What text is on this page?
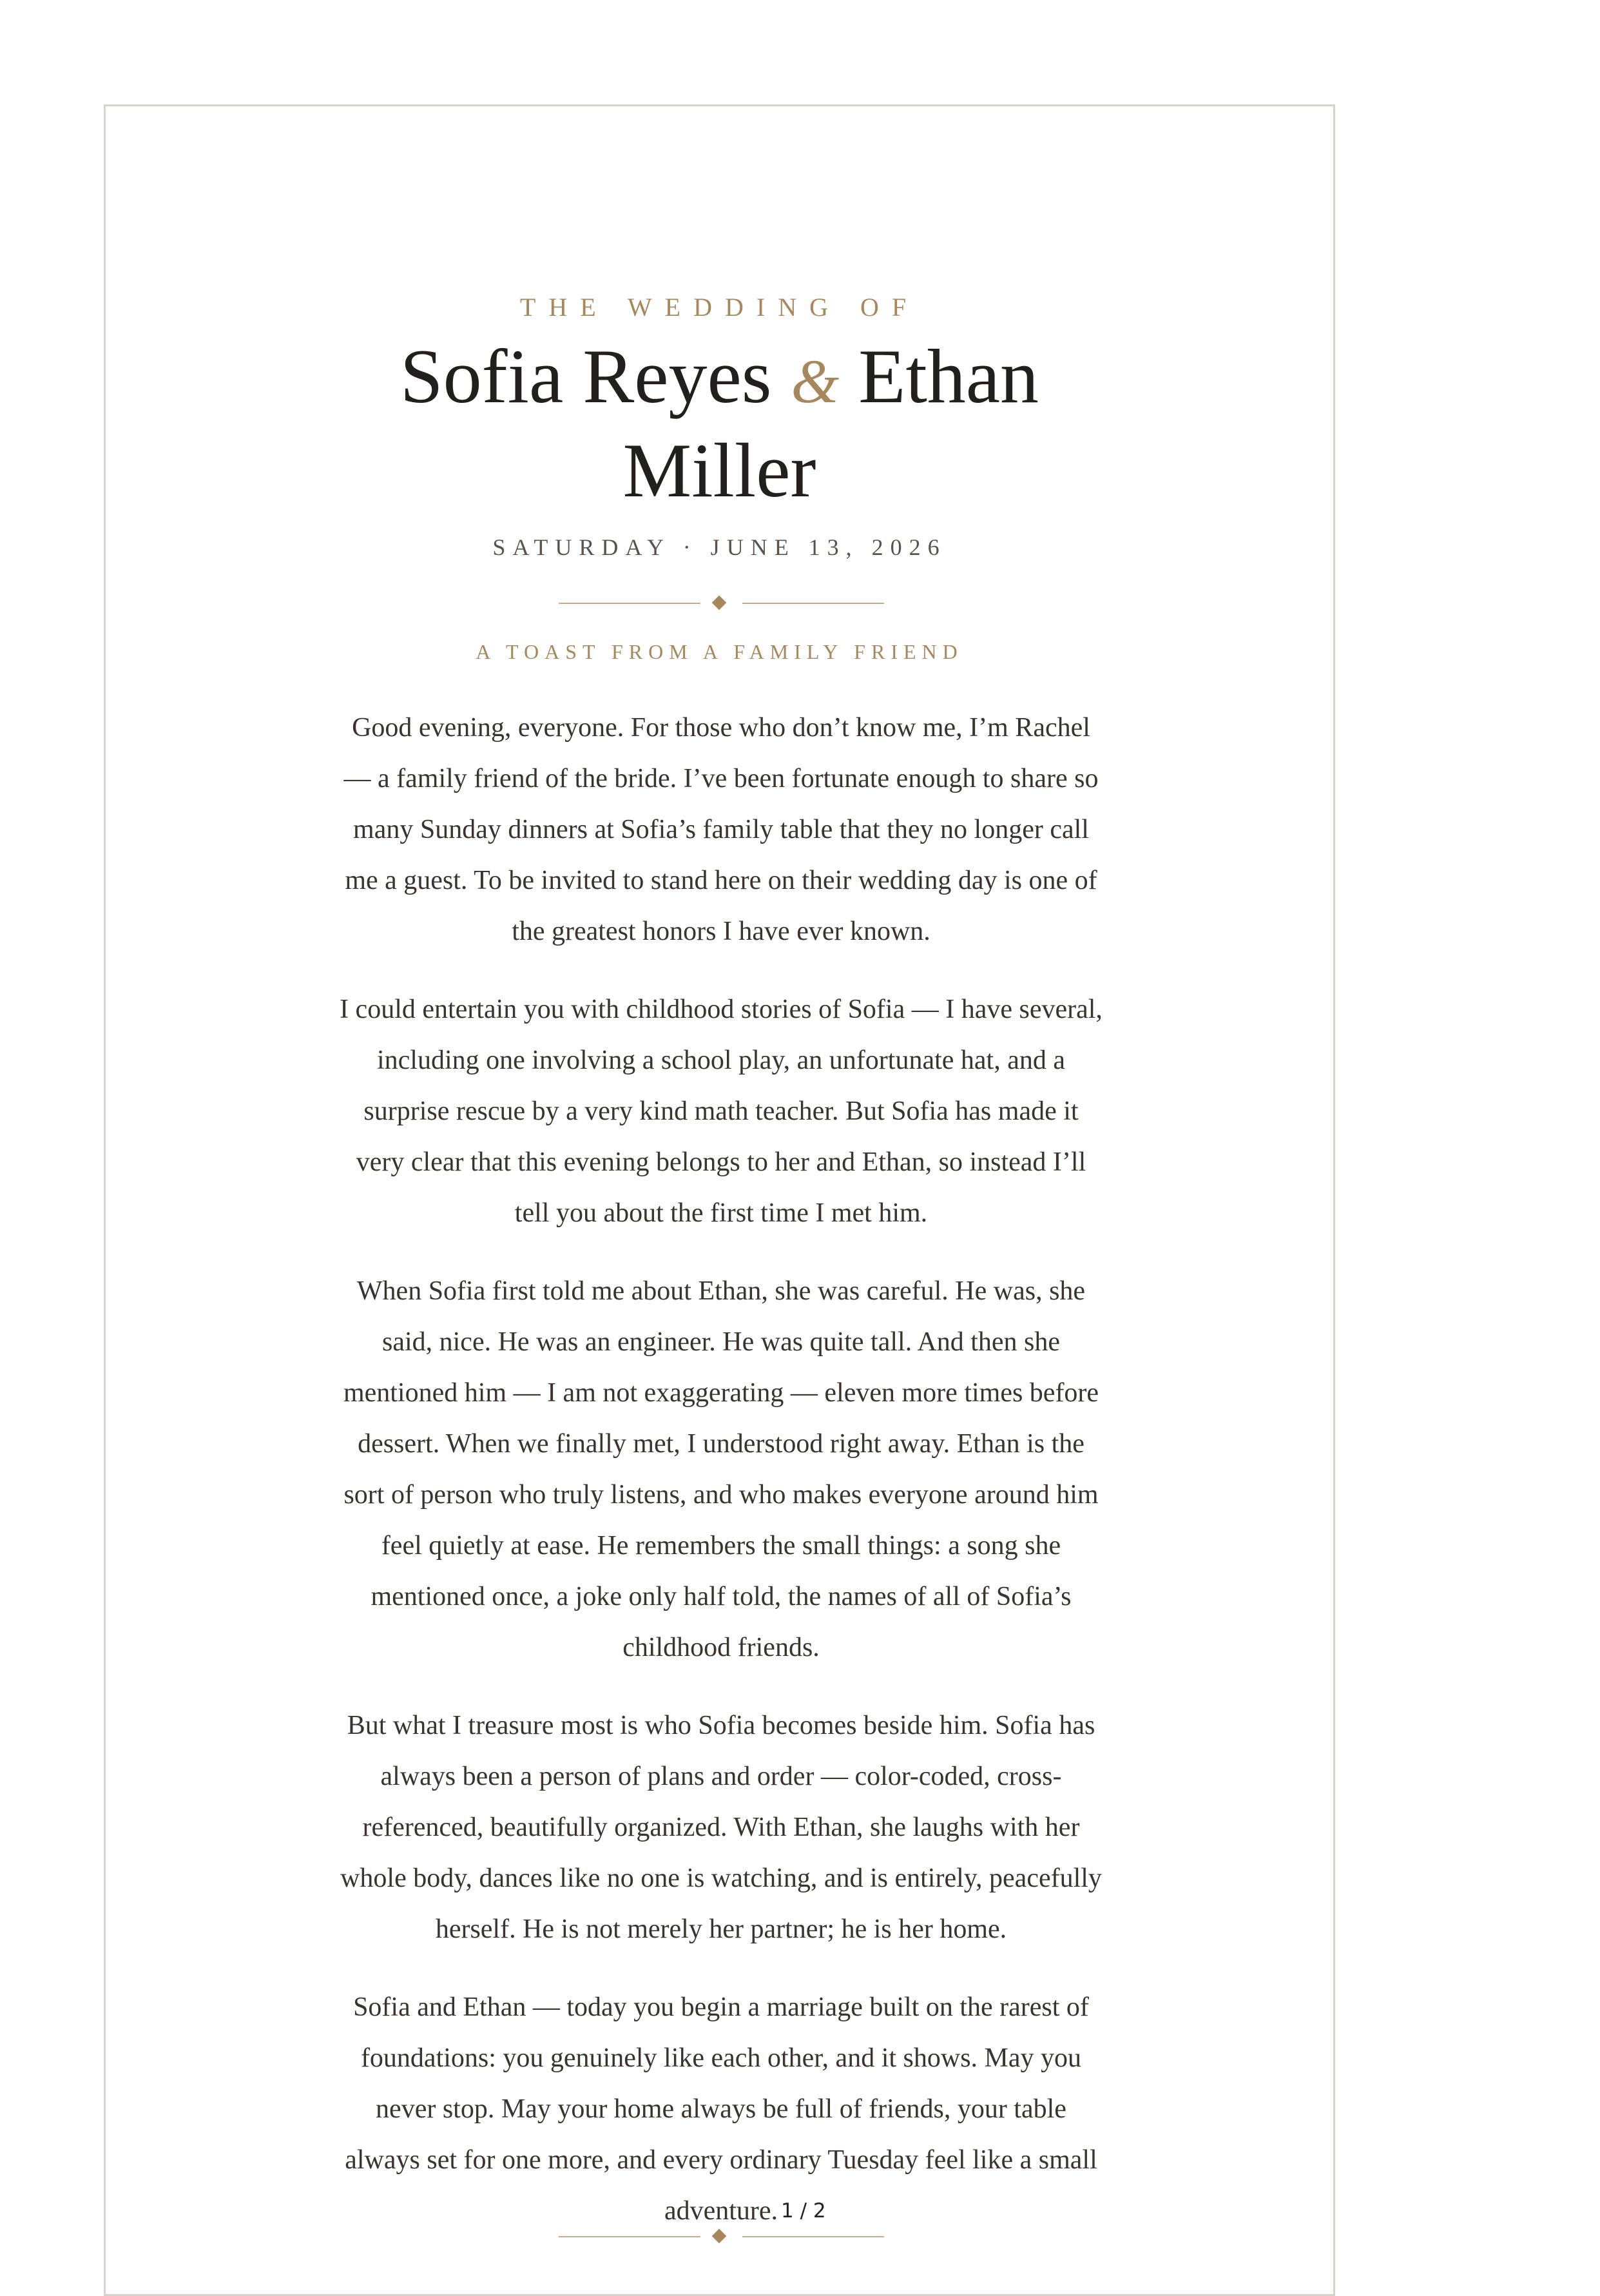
THE WEDDING OF
Sofia Reyes & Ethan
Miller
SATURDAY · JUNE 13, 2026
A TOAST FROM A FAMILY FRIEND

Good evening, everyone. For those who don’t know me, I’m Rachel — a family friend of the bride. I’ve been fortunate enough to share so many Sunday dinners at Sofia’s family table that they no longer call me a guest. To be invited to stand here on their wedding day is one of the greatest honors I have ever known.

I could entertain you with childhood stories of Sofia — I have several, including one involving a school play, an unfortunate hat, and a surprise rescue by a very kind math teacher. But Sofia has made it very clear that this evening belongs to her and Ethan, so instead I’ll tell you about the first time I met him.

When Sofia first told me about Ethan, she was careful. He was, she said, nice. He was an engineer. He was quite tall. And then she mentioned him — I am not exaggerating — eleven more times before dessert. When we finally met, I understood right away. Ethan is the sort of person who truly listens, and who makes everyone around him feel quietly at ease. He remembers the small things: a song she mentioned once, a joke only half told, the names of all of Sofia’s childhood friends.

But what I treasure most is who Sofia becomes beside him. Sofia has always been a person of plans and order — color-coded, cross-referenced, beautifully organized. With Ethan, she laughs with her whole body, dances like no one is watching, and is entirely, peacefully herself. He is not merely her partner; he is her home.

Sofia and Ethan — today you begin a marriage built on the rarest of foundations: you genuinely like each other, and it shows. May you never stop. May your home always be full of friends, your table always set for one more, and every ordinary Tuesday feel like a small adventure. 1 / 2
